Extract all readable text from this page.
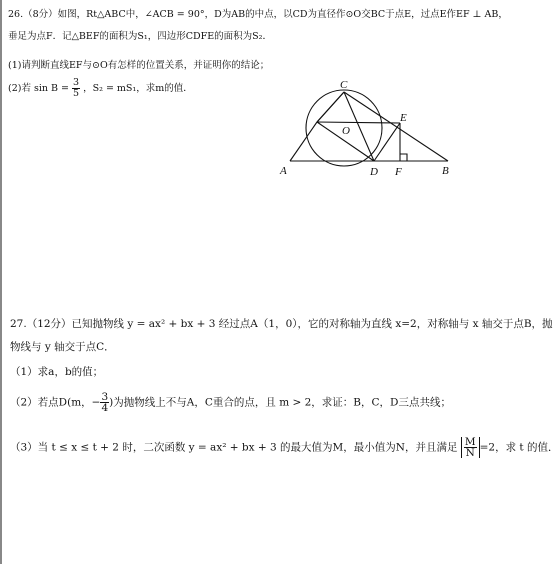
26.（8分）如图，Rt△ABC中，∠ACB = 90°，D为AB的中点，以CD为直径作⊙O交BC于点E，过点E作EF ⊥ AB，
垂足为点F．记△BEF的面积为S₁，四边形CDFE的面积为S₂．
(1)请判断直线EF与⊙O有怎样的位置关系，并证明你的结论；
(2)若 $\sin B = \frac{3}{5}$ ，S₂ = mS₁，求m的值．
A	B
C
D
E
F
O
27.（12分）已知抛物线 y = ax² + bx + 3 经过点A（1，0），它的对称轴为直线 x=2，对称轴与 x 轴交于点B，抛
物线与 y 轴交于点C．
（1）求a，b的值；
（2）若点D(m，− $\frac{3}{4}$ )为抛物线上不与A，C重合的点，且 m > 2，求证：B，C，D三点共线；
（3）当 t ≤ x ≤ t + 2 时，二次函数 y = ax² + bx + 3 的最大值为M，最小值为N，并且满足 $\frac{M}{N} =2$，求 t 的值．
